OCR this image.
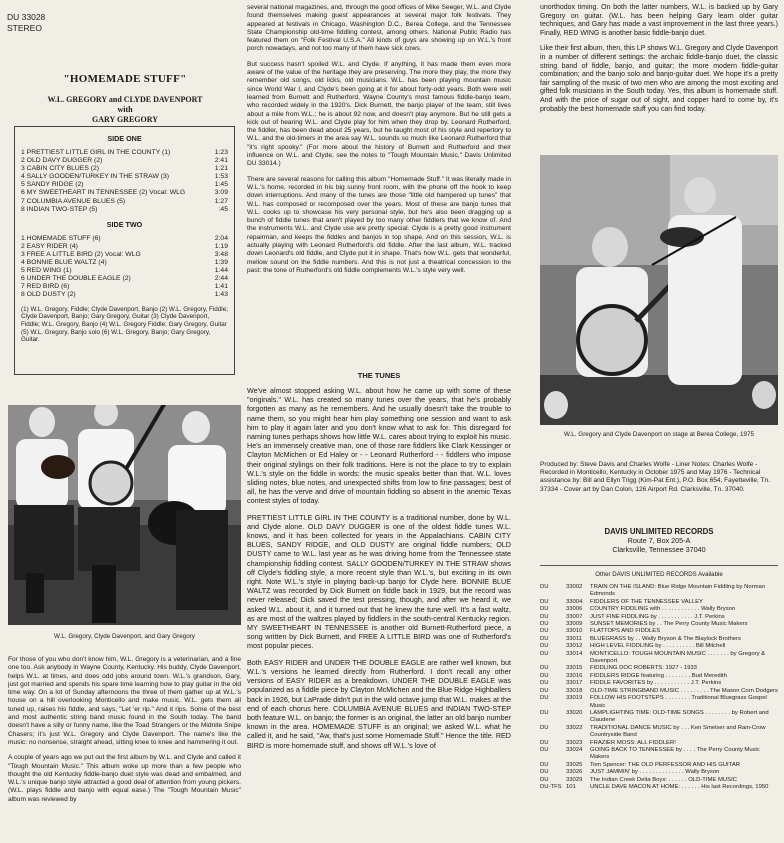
DU 33028
STEREO
"HOMEMADE STUFF"
W.L. GREGORY and CLYDE DAVENPORT
with
GARY GREGORY
SIDE ONE
1 PRETTIEST LITTLE GIRL IN THE COUNTY (1)	1:23
2 OLD DAVY DUGGER (2)	2:41
3 CABIN CITY BLUES (2)	1:21
4 SALLY GOODEN/TURKEY IN THE STRAW (3)	1:53
5 SANDY RIDGE (2)	1:45
6 MY SWEETHEART IN TENNESSEE (2) Vocal: WLG	3:09
7 COLUMBIA AVENUE BLUES (5)	1:27
8 INDIAN TWO-STEP (5)	:45
SIDE TWO
1 HOMEMADE STUFF (6)	2:04
2 EASY RIDER (4)	1:19
3 FREE A LITTLE BIRD (2) Vocal: WLG	3:48
4 BONNIE BLUE WALTZ (4)	1:39
5 RED WING (1)	1:44
6 UNDER THE DOUBLE EAGLE (2)	2:44
7 RED BIRD (6)	1:41
8 OLD DUSTY (2)	1:43
(1) W.L. Gregory, Fiddle; Clyde Davenport, Banjo (2) W.L. Gregory, Fiddle; Clyde Davenport, Banjo; Gary Gregory, Guitar (3) Clyde Davenport, Fiddle; W.L. Gregory, Banjo (4) W.L. Gregory Fiddle; Gary Gregory, Guitar (5) W.L. Gregory, Banjo solo (6) W.L. Gregory, Banjo; Gary Gregory, Guitar.
W.L. Gregory, Clyde Davenport, and Gary Gregory

For those of you who don't know him, W.L. Gregory is a veterinarian, and a fine one too. Ask anybody in Wayne County, Kentucky. His buddy, Clyde Davenport, helps W.L. at times, and does odd jobs around town. W.L.'s grandson, Gary, just got married and spends his spare time learning how to play guitar in the old time way. On a lot of Sunday afternoons the three of them gather up at W.L.'s house on a hill overlooking Monticello and make music. W.L. gets them all tuned up, raises his fiddle, and says, "Let 'er rip." And it rips. Some of the best and most authentic string band music found in the South today. The band doesn't have a silly or funny name, like the Toad Strangers or the Midnite Snipe Chasers; it's just W.L. Gregory and Clyde Davenport. The name's like the music: no nonsense, straight ahead, sitting knee to knee and hammering it out.

A couple of years ago we put out the first album by W.L. and Clyde and called it "Tough Mountain Music." This album woke up more than a few people who thought the old Kentucky fiddle-banjo duet style was dead and embalmed, and W.L.'s unique banjo style attracted a good deal of attention from young pickers. (W.L. plays fiddle and banjo with equal ease.) The "Tough Mountain Music" album was reviewed by

several national magazines, and, through the good offices of Mike Seeger, W.L. and Clyde found themselves making guest appearances at several major folk festivals. They appeared at festivals in Chicago, Washington D.C., Berea College, and the Tennessee State Championship old-time fiddling contest, among others. National Public Radio has featured them on "Folk Festival U.S.A." All kinds of guys are showing up on W.L.'s front porch nowadays, and not too many of them have sick cows.

But success hasn't spoiled W.L. and Clyde. If anything, it has made them even more aware of the value of the heritage they are preserving. The more they play, the more they remember old songs, old licks, old musicians. W.L. has been playing mountain music since World War I, and Clyde's been going at it for about forty-odd years. Both were well learned from Burnett and Rutherford, Wayne County's most famous fiddle-banjo team, who recorded widely in the 1920's. Dick Burnett, the banjo player of the team, still lives about a mile from W.L.; he is about 92 now, and doesn't play anymore. But he still gets a kick out of hearing W.L. and Clyde play for him when they drop by. Leonard Rutherford, the fiddler, has been dead about 25 years, but he taught most of his style and repertory to W.L. and the old-timers in the area say W.L. sounds so much like Leonard Rutherford that "it's right spooky." (For more about the history of Burnett and Rutherford and their influence on W.L. and Clyde, see the notes to "Tough Mountain Music," Davis Unlimited DU 33014.)

There are several reasons for calling this album "Homemade Stuff." It was literally made in W.L.'s home, recorded in his big sunny front room, with the phone off the hook to keep down interruptions. And many of the tunes are those "little old hampered up tunes" that W.L. has composed or recomposed over the years. Most of these are banjo tunes that W.L. cooks up to showcase his very personal style, but he's also been dragging up a bunch of fiddle tunes that aren't played by too many other fiddlers that we know of. And the instruments W.L. and Clyde use are pretty special. Clyde is a pretty good instrument repairman, and keeps the fiddles and banjos in top shape. And on this session, W.L. is actually playing with Leonard Rutherford's old fiddle. After the last album, W.L. tracked down Leonard's old fiddle, and Clyde put it in shape. That's how W.L. gets that wonderful, mellow sound on the fiddle numbers. And this is not just a theatrical concession to the past: the tone of Rutherford's old fiddle complements W.L.'s style very well.

THE TUNES

We've almost stopped asking W.L. about how he came up with some of these "originals." W.L. has created so many tunes over the years, that he's probably forgotten as many as he remembers. And he usually doesn't take the trouble to name them, so you might hear him play something one session and want to ask him to play it again later and you don't know what to ask for. This disregard for naming tunes perhaps shows how little W.L. cares about trying to exploit his music. He's an immensely creative man, one of those rare fiddlers like Clark Kessinger or Clayton McMichen or Ed Haley or - - Leonard Rutherford - - fiddlers who impose their original stylings on their folk traditions. Here is not the place to try to explain W.L.'s style on the fiddle in words: the music speaks better than that. W.L. loves sliding notes, blue notes, and unexpected shifts from low to fine passages; best of all, he has the verve and drive of mountain fiddling so absent in the anemic Texas contest styles of today.

PRETTIEST LITTLE GIRL IN THE COUNTY is a traditional number, done by W.L. and Clyde alone. OLD DAVY DUGGER is one of the oldest fiddle tunes W.L. knows, and it has been collected for years in the Appalachians. CABIN CITY BLUES, SANDY RIDGE, and OLD DUSTY are original fiddle numbers; OLD DUSTY came to W.L. last year as he was driving home from the Tennessee state championship fiddling contest. SALLY GOODEN/TURKEY IN THE STRAW shows off Clyde's fiddling style, a more recent style than W.L.'s, but exciting in its own right. Note W.L.'s style in playing back-up banjo for Clyde here. BONNIE BLUE WALTZ was recorded by Dick Burnett on fiddle back in 1929, but the record was never released; Dick saved the test pressing, though, and after we heard it, we asked W.L. about it, and it turned out that he knew the tune well. It's a fast waltz, as are most of the waltzes played by fiddlers in the south-central Kentucky region. MY SWEETHEART IN TENNESSEE is another old Burnett-Rutherford piece, a song written by Dick Burnett, and FREE A LITTLE BIRD was one of Rutherford's most popular pieces.

Both EASY RIDER and UNDER THE DOUBLE EAGLE are rather well known, but W.L.'s versions he learned directly from Rutherford. I don't recall any other versions of EASY RIDER as a breakdown. UNDER THE DOUBLE EAGLE was popularized as a fiddle piece by Clayton McMichen and the Blue Ridge Highballers back in 1926, but LaPrade didn't put in the wild octave jump that W.L. makes at the end of each chorus here. COLUMBIA AVENUE BLUES and INDIAN TWO-STEP both feature W.L. on banjo; the former is an original, the latter an old banjo number known in the area. HOMEMADE STUFF is an original; we asked W.L. what he called it, and he said, "Aw, that's just some Homemade Stuff." Hence the title. RED BIRD is more homemade stuff, and shows off W.L.'s love of

unorthodox timing. On both the latter numbers, W.L. is backed up by Gary Gregory on guitar. (W.L. has been helping Gary learn older guitar techniques, and Gary has made a vast improvement in the last three years.) Finally, RED WING is another basic fiddle-banjo duet.

Like their first album, then, this LP shows W.L. Gregory and Clyde Davenport in a number of different settings: the archaic fiddle-banjo duet, the classic string band of fiddle, banjo, and guitar; the more modern fiddle-guitar combination; and the banjo solo and banjo-guitar duet. We hope it's a pretty fair sampling of the music of two men who are among the most exciting and gifted folk musicians in the South today. Yes, this album is homemade stuff. And with the price of sugar out of sight, and copper hard to come by, it's probably the best homemade stuff you can find today.

W.L. Gregory and Clyde Davenport on stage at Berea College, 1975
Produced by: Steve Davis and Charles Wolfe - Liner Notes: Charles Wolfe - Recorded in Monticello, Kentucky in October 1975 and May 1976 - Technical assistance by: Bill and Ellyn Trigg (Kim-Pat Ent.), P.O. Box 654, Fayetteville, Tn. 37334 - Cover art by Dan Colon, 126 Airport Rd. Clarksville, Tn. 37040.
DAVIS UNLIMITED RECORDS
Route 7, Box 205-A
Clarksville, Tennessee 37040
Other DAVIS UNLIMITED RECORDS Available
DU	33002	TRAIN ON THE ISLAND: Blue Ridge Mountain Fiddling by Norman Edmonds
DU	33004	FIDDLERS OF THE TENNESSEE VALLEY
DU	33006	COUNTRY FIDDLING with . . . . . . . . . . . . Wally Bryson
DU	33007	JUST FINE FIDDLING by . . . . . . . . . . . J.T. Perkins
DU	33009	SUNSET MEMORIES by . . The Perry County Music Makers
DU	33010	FLATTOPS AND FIDDLES
DU	33011	BLUEGRASS by . . Wally Bryson & The Blaylock Brothers
DU	33012	HIGH LEVEL FIDDLING by . . . . . . . . . . Bill Mitchell
DU	33014	MONTICELLO: TOUGH MOUNTAIN MUSIC . . . . . . . by Gregory & Davenport
DU	33015	FIDDLING DOC ROBERTS: 1927 - 1933
DU	33016	FIDDLERS RIDGE featuring . . . . . . . . Bud Meredith
DU	33017	FIDDLE FAVORITES by . . . . . . . . . . . J.T. Perkins
DU	33018	OLD-TIME STRINGBAND MUSIC . . . . . . . . . The Mason Corn Dodgers
DU	33019	FOLLOW HIS FOOTSTEPS . . . . . . . . Traditional Bluegrass Gospel Music
DU	33020	LAMPLIGHTING TIME: OLD-TIME SONGS . . . . . . . . by Robert and Claudene
DU	33022	TRADITIONAL DANCE MUSIC by . . . Ken Smelser and Rain-Crow Countryside Band
DU	33023	FRAZIER MOSS: ALL FIDDLER!
DU	33024	GOING BACK TO TENNESSEE by . . . . The Perry County Music Makers
DU	33025	Tom Spencer: THE OLD PERFESSOR AND HIS GUITAR
DU	33026	JUST JAMMIN' by . . . . . . . . . . . . . . Wally Bryson
DU	33029	The Indian Creek Delta Boys: . . . . . . OLD-TIME MUSIC
DU-TFS 101	UNCLE DAVE MACON AT HOME: . . . . . . His last Recordings, 1950
